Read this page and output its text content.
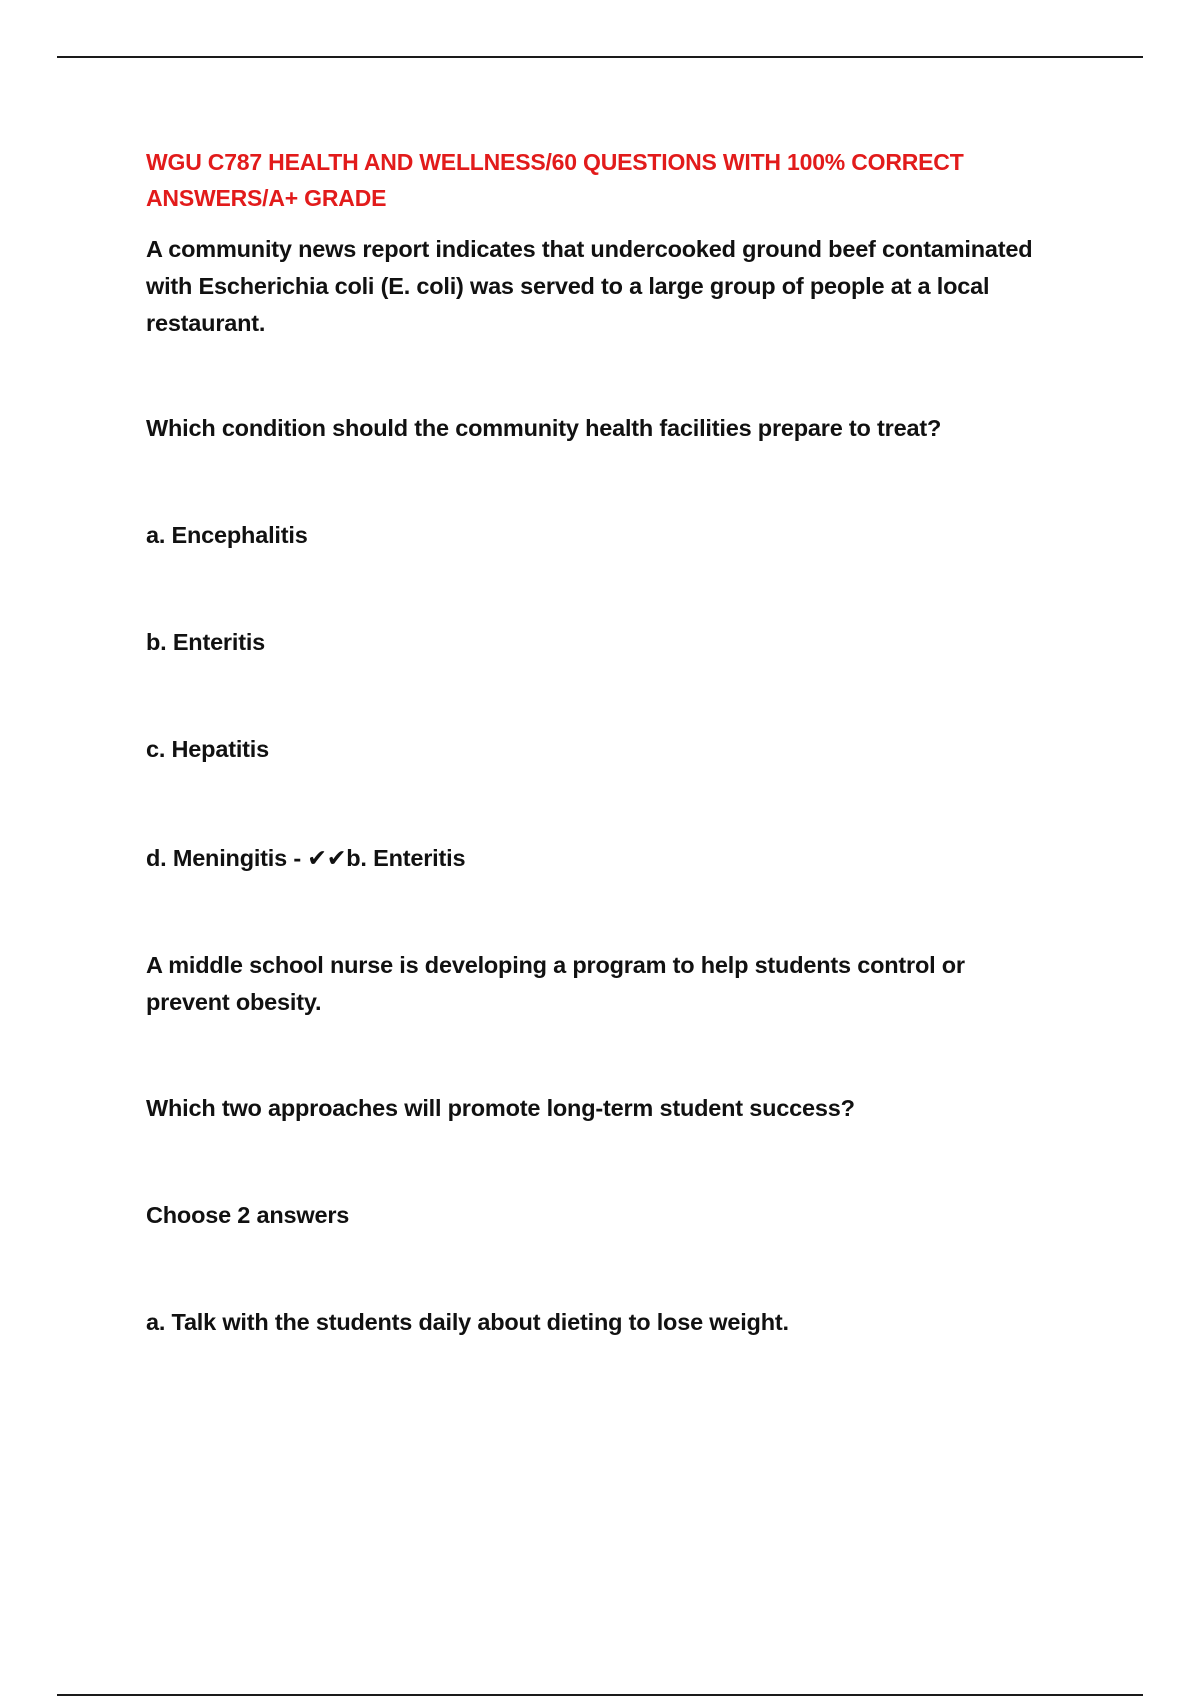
WGU C787 HEALTH AND WELLNESS/60 QUESTIONS WITH 100% CORRECT ANSWERS/A+ GRADE

A community news report indicates that undercooked ground beef contaminated with Escherichia coli (E. coli) was served to a large group of people at a local restaurant.

Which condition should the community health facilities prepare to treat?

a. Encephalitis

b. Enteritis

c. Hepatitis

d. Meningitis - ✔✔b. Enteritis

A middle school nurse is developing a program to help students control or prevent obesity.

Which two approaches will promote long-term student success?

Choose 2 answers

a. Talk with the students daily about dieting to lose weight.
